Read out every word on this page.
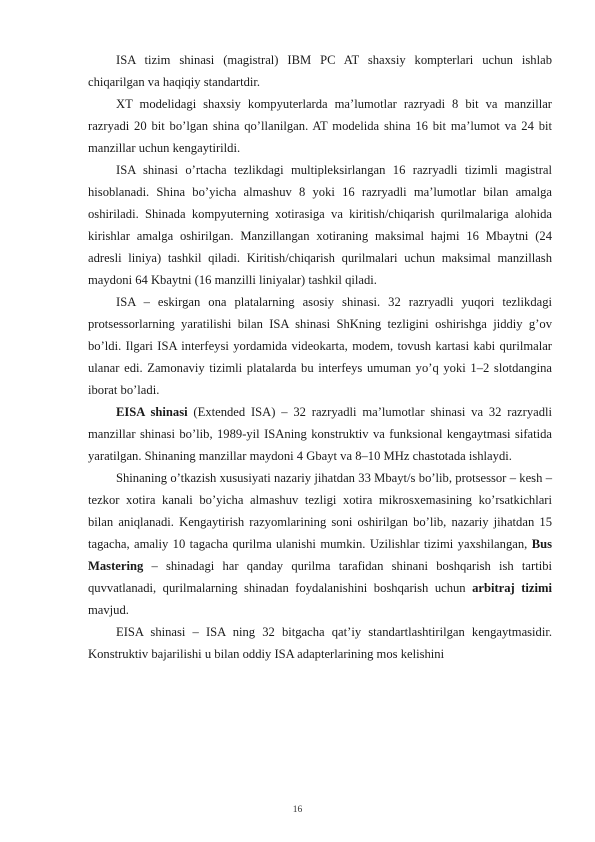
ISA tizim shinasi (magistral) IBM PC AT shaxsiy kompterlari uchun ishlab chiqarilgan va haqiqiy standartdir.

XT modelidagi shaxsiy kompyuterlarda ma’lumotlar razryadi 8 bit va manzillar razryadi 20 bit bo’lgan shina qo’llanilgan. AT modelida shina 16 bit ma’lumot va 24 bit manzillar uchun kengaytirildi.

ISA shinasi o’rtacha tezlikdagi multipleksirlangan 16 razryadli tizimli magistral hisoblanadi. Shina bo’yicha almashuv 8 yoki 16 razryadli ma’lumotlar bilan amalga oshiriladi. Shinada kompyuterning xotirasiga va kiritish/chiqarish qurilmalariga alohida kirishlar amalga oshirilgan. Manzillangan xotiraning maksimal hajmi 16 Mbaytni (24 adresli liniya) tashkil qiladi. Kiritish/chiqarish qurilmalari uchun maksimal manzillash maydoni 64 Kbaytni (16 manzilli liniyalar) tashkil qiladi.

ISA – eskirgan ona platalarning asosiy shinasi. 32 razryadli yuqori tezlikdagi protsessorlarning yaratilishi bilan ISA shinasi ShKning tezligini oshirishga jiddiy g’ov bo’ldi. Ilgari ISA interfeysi yordamida videokarta, modem, tovush kartasi kabi qurilmalar ulanar edi. Zamonaviy tizimli platalarda bu interfeys umuman yo’q yoki 1–2 slotdangina iborat bo’ladi.

EISA shinasi (Extended ISA) – 32 razryadli ma’lumotlar shinasi va 32 razryadli manzillar shinasi bo’lib, 1989-yil ISAning konstruktiv va funksional kengaytmasi sifatida yaratilgan. Shinaning manzillar maydoni 4 Gbayt va 8–10 MHz chastotada ishlaydi.

Shinaning o’tkazish xususiyati nazariy jihatdan 33 Mbayt/s bo’lib, protsessor – kesh – tezkor xotira kanali bo’yicha almashuv tezligi xotira mikrosxemasining ko’rsatkichlari bilan aniqlanadi. Kengaytirish razyomlarining soni oshirilgan bo’lib, nazariy jihatdan 15 tagacha, amaliy 10 tagacha qurilma ulanishi mumkin. Uzilishlar tizimi yaxshilangan, Bus Mastering – shinadagi har qanday qurilma tarafidan shinani boshqarish ish tartibi quvvatlanadi, qurilmalarning shinadan foydalanishini boshqarish uchun arbitraj tizimi mavjud.

EISA shinasi – ISA ning 32 bitgacha qat’iy standartlashtirilgan kengaytmasidir. Konstruktiv bajarilishi u bilan oddiy ISA adapterlarining mos kelishini

16
